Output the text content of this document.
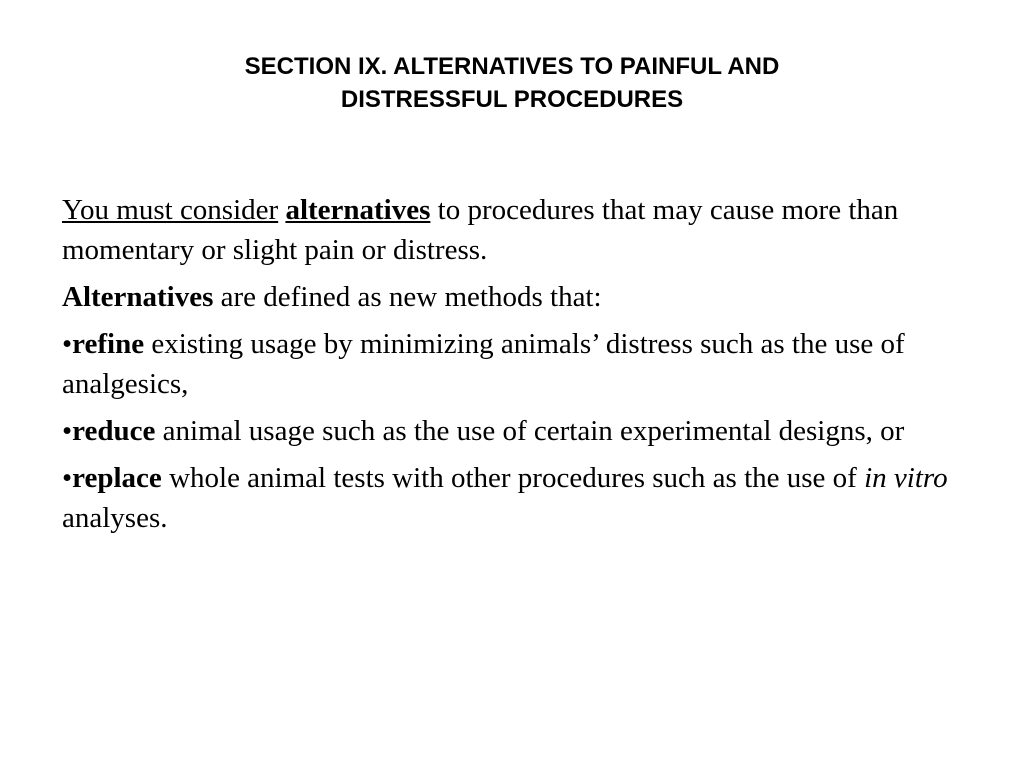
SECTION IX. ALTERNATIVES TO PAINFUL AND
DISTRESSFUL PROCEDURES

You must consider alternatives to procedures that may cause more than momentary or slight pain or distress.

Alternatives are defined as new methods that:

•refine existing usage by minimizing animals’ distress such as the use of analgesics,

•reduce animal usage such as the use of certain experimental designs, or

•replace whole animal tests with other procedures such as the use of in vitro analyses.
